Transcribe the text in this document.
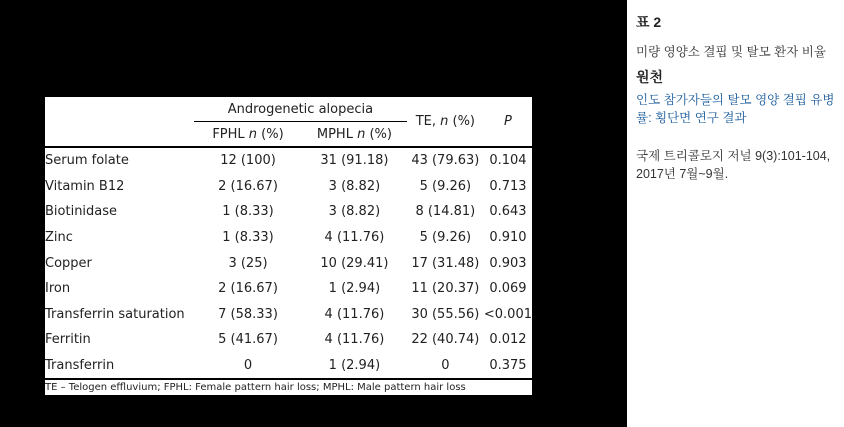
	Androgenetic alopecia		TE, n (%)	P
	FPHL n (%)	MPHL n (%)		
Serum folate	12 (100)	31 (91.18)	43 (79.63)	0.104
Vitamin B12	2 (16.67)	3 (8.82)	5 (9.26)	0.713
Biotinidase	1 (8.33)	3 (8.82)	8 (14.81)	0.643
Zinc	1 (8.33)	4 (11.76)	5 (9.26)	0.910
Copper	3 (25)	10 (29.41)	17 (31.48)	0.903
Iron	2 (16.67)	1 (2.94)	11 (20.37)	0.069
Transferrin saturation	7 (58.33)	4 (11.76)	30 (55.56)	<0.001
Ferritin	5 (41.67)	4 (11.76)	22 (40.74)	0.012
Transferrin	0	1 (2.94)	0	0.375
TE – Telogen effluvium; FPHL: Female pattern hair loss; MPHL: Male pattern hair loss
표 2
미량 영양소 결핍 및 탈모 환자 비율
원천
인도 참가자들의 탈모 영양 결핍 유병률: 횡단면 연구 결과
국제 트리콜로지 저널 9(3):101-104, 2017년 7월~9월.
